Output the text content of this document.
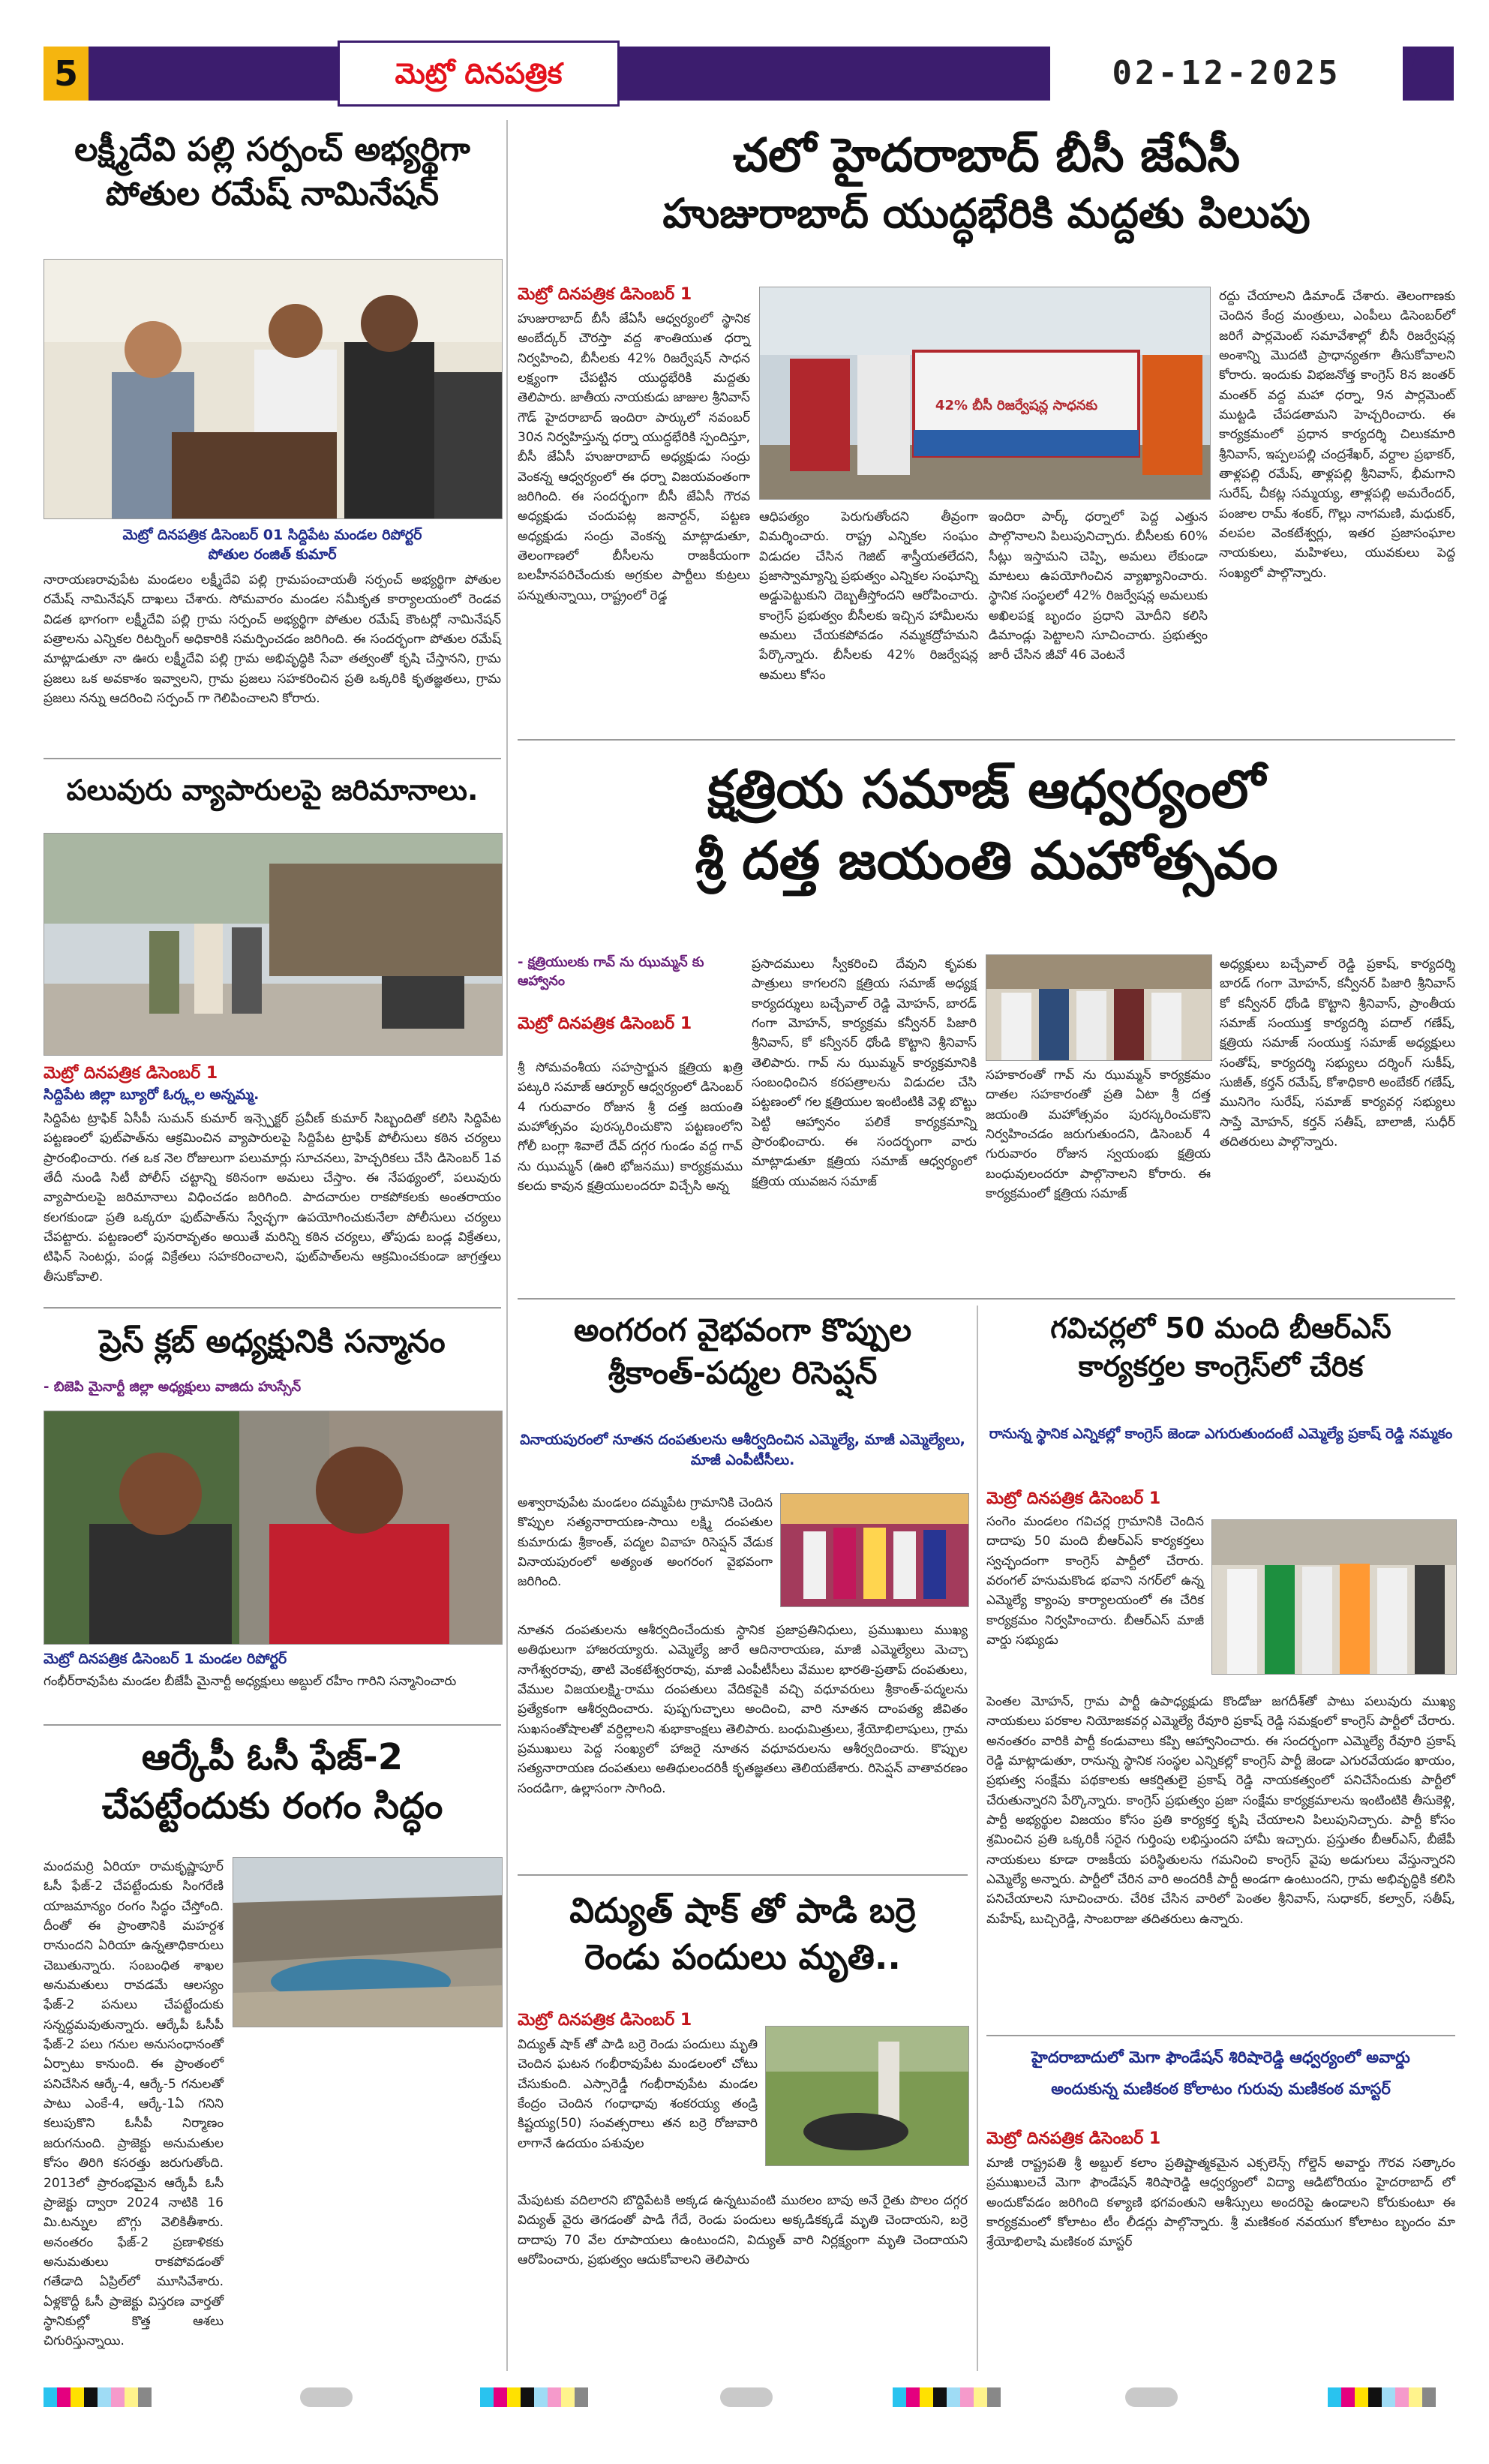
5	మెట్రో దినపత్రిక	02-12-2025
లక్ష్మీదేవి పల్లి సర్పంచ్ అభ్యర్థిగా
పోతుల రమేష్ నామినేషన్
మెట్రో దినపత్రిక డిసెంబర్ 01 సిద్దిపేట మండల రిపోర్టర్
పోతుల రంజిత్ కుమార్
నారాయణరావుపేట మండలం లక్ష్మీదేవి పల్లి గ్రామపంచాయతీ సర్పంచ్ అభ్యర్థిగా పోతుల రమేష్ నామినేషన్ దాఖలు చేశారు. సోమవారం మండల సమీకృత కార్యాలయంలో రెండవ విడత భాగంగా లక్ష్మీదేవి పల్లి గ్రామ సర్పంచ్ అభ్యర్థిగా పోతుల రమేష్ కౌంటర్లో నామినేషన్ పత్రాలను ఎన్నికల రిటర్నింగ్ అధికారికి సమర్పించడం జరిగింది. ఈ సందర్భంగా పోతుల రమేష్ మాట్లాడుతూ నా ఊరు లక్ష్మీదేవి పల్లి గ్రామ అభివృద్ధికి సేవా తత్వంతో కృషి చేస్తానని, గ్రామ ప్రజలు ఒక అవకాశం ఇవ్వాలని, గ్రామ ప్రజలు సహకరించిన ప్రతి ఒక్కరికి కృతజ్ఞతలు, గ్రామ ప్రజలు నన్ను ఆదరించి సర్పంచ్ గా గెలిపించాలని కోరారు.
పలువురు వ్యాపారులపై జరిమానాలు.
మెట్రో దినపత్రిక డిసెంబర్ 1
సిద్దిపేట జిల్లా బ్యూరో ఓర్క్లల అన్నమ్మ.
సిద్దిపేట ట్రాఫిక్ ఏసీపీ సుమన్ కుమార్ ఇన్స్పెక్టర్ ప్రవీణ్ కుమార్ సిబ్బందితో కలిసి సిద్దిపేట పట్టణంలో ఫుట్‌పాత్‌ను ఆక్రమించిన వ్యాపారులపై సిద్దిపేట ట్రాఫిక్ పోలీసులు కఠిన చర్యలు ప్రారంభించారు. గత ఒక నెల రోజులుగా పలుమార్లు సూచనలు, హెచ్చరికలు చేసి డిసెంబర్ 1వ తేదీ నుండి సిటీ పోలీస్ చట్టాన్ని కఠినంగా అమలు చేస్తాం. ఈ నేపథ్యంలో, పలువురు వ్యాపారులపై జరిమానాలు విధించడం జరిగింది. పాదచారుల రాకపోకలకు అంతరాయం కలగకుండా ప్రతి ఒక్కరూ ఫుట్‌పాత్‌ను స్వేచ్ఛగా ఉపయోగించుకునేలా పోలీసులు చర్యలు చేపట్టారు. పట్టణంలో పునరావృతం అయితే మరిన్ని కఠిన చర్యలు, తోపుడు బండ్ల విక్రేతలు, టిఫిన్ సెంటర్లు, పండ్ల విక్రేతలు సహకరించాలని, ఫుట్‌పాత్‌లను ఆక్రమించకుండా జాగ్రత్తలు తీసుకోవాలి.
ప్రెస్ క్లబ్ అధ్యక్షునికి సన్మానం
- బిజెపి మైనార్టీ జిల్లా అధ్యక్షులు వాజిదు హుస్సేన్
మెట్రో దినపత్రిక డిసెంబర్ 1 మండల రిపోర్టర్
గంభీర్‌రావుపేట మండల బీజేపీ మైనార్టీ అధ్యక్షులు అబ్దుల్ రహీం గారిని సన్మానించారు
ఆర్కేపీ ఓసీ ఫేజ్-2
చేపట్టేందుకు రంగం సిద్ధం
మందమర్రి ఏరియా రామకృష్ణాపూర్ ఓసీ ఫేజ్-2 చేపట్టేందుకు సింగరేణి యాజమాన్యం రంగం సిద్ధం చేస్తోంది. దీంతో ఈ ప్రాంతానికి మహర్దశ రానుందని ఏరియా ఉన్నతాధికారులు చెబుతున్నారు. సంబంధిత శాఖల అనుమతులు రావడమే ఆలస్యం ఫేజ్-2 పనులు చేపట్టేందుకు సన్నద్ధమవుతున్నారు. ఆర్కేపీ ఓసీపీ ఫేజ్-2 పలు గనుల అనుసంధానంతో ఏర్పాటు కానుంది. ఈ ప్రాంతంలో పనిచేసిన ఆర్కే-4, ఆర్కే-5 గనులతో పాటు ఎంకే-4, ఆర్కే-1ఏ గనిని కలుపుకొని ఓసీపీ నిర్మాణం జరుగనుంది. ప్రాజెక్టు అనుమతుల కోసం తిరిగి కసరత్తు జరుగుతోంది. 2013లో ప్రారంభమైన ఆర్కేపీ ఓసీ ప్రాజెక్టు ద్వారా 2024 నాటికి 16 మి.టన్నుల బొగ్గు వెలికితీశారు. అనంతరం ఫేజ్-2 ప్రణాళికకు అనుమతులు రాకపోవడంతో గతేడాది ఏప్రిల్‌లో మూసివేశారు. ఏళ్లకొద్దీ ఓసీ ప్రాజెక్టు విస్తరణ వార్తతో స్థానికుల్లో కొత్త ఆశలు చిగురిస్తున్నాయి.
చలో హైదరాబాద్ బీసీ జేఏసీ
హుజురాబాద్ యుద్ధభేరికి మద్దతు పిలుపు
మెట్రో దినపత్రిక డిసెంబర్ 1
హుజురాబాద్ బీసీ జేఏసీ ఆధ్వర్యంలో స్థానిక అంబేద్కర్ చౌరస్తా వద్ద శాంతియుత ధర్నా నిర్వహించి, బీసీలకు 42% రిజర్వేషన్ సాధన లక్ష్యంగా చేపట్టిన యుద్ధభేరికి మద్దతు తెలిపారు. జాతీయ నాయకుడు జాజుల శ్రీనివాస్ గౌడ్ హైదరాబాద్ ఇందిరా పార్కులో నవంబర్ 30న నిర్వహిస్తున్న ధర్నా యుద్ధభేరికి స్పందిస్తూ, బీసీ జేఏసీ హుజురాబాద్ అధ్యక్షుడు సంద్రు వెంకన్న ఆధ్వర్యంలో ఈ ధర్నా విజయవంతంగా జరిగింది. ఈ సందర్భంగా బీసీ జేఏసీ గౌరవ అధ్యక్షుడు చందుపట్ల జనార్దన్, పట్టణ అధ్యక్షుడు సంద్రు వెంకన్న మాట్లాడుతూ, తెలంగాణలో బీసీలను రాజకీయంగా బలహీనపరిచేందుకు అగ్రకుల పార్టీలు కుట్రలు పన్నుతున్నాయి, రాష్ట్రంలో రెడ్డ
42% బీసీ రిజర్వేషన్ల సాధనకు
ఆధిపత్యం పెరుగుతోందని తీవ్రంగా విమర్శించారు. రాష్ట్ర ఎన్నికల సంఘం విడుదల చేసిన గెజిట్ శాస్త్రీయతలేదని, ప్రజాస్వామ్యాన్ని ప్రభుత్వం ఎన్నికల సంఘాన్ని అడ్డుపెట్టుకుని దెబ్బతీస్తోందని ఆరోపించారు. కాంగ్రెస్ ప్రభుత్వం బీసీలకు ఇచ్చిన హామీలను అమలు చేయకపోవడం నమ్మకద్రోహమని పేర్కొన్నారు. బీసీలకు 42% రిజర్వేషన్ల అమలు కోసం
ఇందిరా పార్క్ ధర్నాలో పెద్ద ఎత్తున పాల్గొనాలని పిలుపునిచ్చారు. బీసీలకు 60% సీట్లు ఇస్తామని చెప్పి, అమలు లేకుండా మాటలు ఉపయోగించిన వ్యాఖ్యానించారు. స్థానిక సంస్థలలో 42% రిజర్వేషన్ల అమలుకు అఖిలపక్ష బృందం ప్రధాని మోదీని కలిసి డిమాండ్లు పెట్టాలని సూచించారు. ప్రభుత్వం జారీ చేసిన జీవో 46 వెంటనే
రద్దు చేయాలని డిమాండ్ చేశారు. తెలంగాణకు చెందిన కేంద్ర మంత్రులు, ఎంపీలు డిసెంబర్‌లో జరిగే పార్లమెంట్ సమావేశాల్లో బీసీ రిజర్వేషన్ల అంశాన్ని మొదటి ప్రాధాన్యతగా తీసుకోవాలని కోరారు. ఇందుకు విభజనోత్త కాంగ్రెస్ 8న జంతర్ మంతర్ వద్ద మహా ధర్నా, 9న పార్లమెంట్ ముట్టడి చేపడతామని హెచ్చరించారు. ఈ కార్యక్రమంలో ప్రధాన కార్యదర్శి చిలుకమారి శ్రీనివాస్, ఇప్పలపల్లి చంద్రశేఖర్, వర్దాల ప్రభాకర్, తాళ్లపల్లి రమేష్, తాళ్లపల్లి శ్రీనివాస్, భీమగాని సురేష్, చీకట్ల సమ్మయ్య, తాళ్లపల్లి అమరేందర్, పంజాల రామ్ శంకర్, గొల్లు నాగమణి, మధుకర్, వలపల వెంకటేశ్వర్లు, ఇతర ప్రజాసంఘాల నాయకులు, మహిళలు, యువకులు పెద్ద సంఖ్యలో పాల్గొన్నారు.
క్షత్రియ సమాజ్ ఆధ్వర్యంలో
శ్రీ దత్త జయంతి మహోత్సవం
- క్షత్రియులకు గావ్ ను ఝుమ్మన్ కు ఆహ్వానం
మెట్రో దినపత్రిక డిసెంబర్ 1
శ్రీ సోమవంశీయ సహస్రార్జున క్షత్రియ ఖత్రి పట్కరి సమాజ్ ఆర్యూర్ ఆధ్వర్యంలో డిసెంబర్ 4 గురువారం రోజున శ్రీ దత్త జయంతి మహోత్సవం పురస్కరించుకొని పట్టణంలోని గోలీ బంగ్లా శివాలే దేవ్ దగ్గర గుండం వద్ద గావ్ ను ఝుమ్మన్ (ఊరి భోజనము) కార్యక్రమము కలదు కావున క్షత్రియులందరూ విచ్చేసి అన్న
ప్రసాదములు స్వీకరించి దేవుని కృపకు పాత్రులు కాగలరని క్షత్రియ సమాజ్ అధ్యక్ష కార్యదర్శులు బచ్చేవాల్ రెడ్డి మోహన్, బారడ్ గంగా మోహన్, కార్యక్రమ కన్వీనర్ పిజారి శ్రీనివాస్, కో కన్వీనర్ ధోండి కొట్టాని శ్రీనివాస్ తెలిపారు. గావ్ ను ఝుమ్మన్ కార్యక్రమానికి సంబంధించిన కరపత్రాలను విడుదల చేసి పట్టణంలో గల క్షత్రియుల ఇంటింటికి వెళ్లి బొట్టు పెట్టి ఆహ్వానం పలికే కార్యక్రమాన్ని ప్రారంభించారు. ఈ సందర్భంగా వారు మాట్లాడుతూ క్షత్రియ సమాజ్ ఆధ్వర్యంలో క్షత్రియ యువజన సమాజ్
సహకారంతో గావ్ ను ఝుమ్మన్ కార్యక్రమం దాతల సహకారంతో ప్రతి ఏటా శ్రీ దత్త జయంతి మహోత్సవం పురస్కరించుకొని నిర్వహించడం జరుగుతుందని, డిసెంబర్ 4 గురువారం రోజున స్వయంభు క్షత్రియ బంధువులందరూ పాల్గొనాలని కోరారు. ఈ కార్యక్రమంలో క్షత్రియ సమాజ్
అధ్యక్షులు బచ్చేవాల్ రెడ్డి ప్రకాష్, కార్యదర్శి బారడ్ గంగా మోహన్, కన్వీనర్ పిజారి శ్రీనివాస్ కో కన్వీనర్ ధోండి కొట్టాని శ్రీనివాస్, ప్రాంతీయ సమాజ్ సంయుక్త కార్యదర్శి పదాల్ గణేష్, క్షత్రియ సమాజ్ సంయుక్త సమాజ్ అధ్యక్షులు సంతోష్, కార్యదర్శి సభ్యులు దర్శింగ్ సుకీష్, సుజీత్, కర్తన్ రమేష్, కోశాధికారి అంబేకర్ గణేష్, మునిగెం సురేష్, సమాజ్ కార్యవర్గ సభ్యులు సాప్తే మోహన్, కర్తన్ సతీష్, బాలాజీ, సుధీర్ తదితరులు పాల్గొన్నారు.
అంగరంగ వైభవంగా కొప్పుల
శ్రీకాంత్-పద్మల రిసెప్షన్
వినాయపురంలో నూతన దంపతులను ఆశీర్వదించిన ఎమ్మెల్యే, మాజీ ఎమ్మెల్యేలు, మాజీ ఎంపీటీసీలు.
అశ్వారావుపేట మండలం దమ్మపేట గ్రామానికి చెందిన కొప్పుల సత్యనారాయణ-సాయి లక్ష్మి దంపతుల కుమారుడు శ్రీకాంత్, పద్మల వివాహ రిసెప్షన్ వేడుక వినాయపురంలో అత్యంత అంగరంగ వైభవంగా జరిగింది.
నూతన దంపతులను ఆశీర్వదించేందుకు స్థానిక ప్రజాప్రతినిధులు, ప్రముఖులు ముఖ్య అతిథులుగా హాజరయ్యారు. ఎమ్మెల్యే జారే ఆదినారాయణ, మాజీ ఎమ్మెల్యేలు మెచ్చా నాగేశ్వరరావు, తాటి వెంకటేశ్వరరావు, మాజీ ఎంపీటీసీలు వేముల భారతి-ప్రతాప్ దంపతులు, వేముల విజయలక్ష్మి-రాము దంపతులు వేదికపైకి వచ్చి వధూవరులు శ్రీకాంత్-పద్మలను ప్రత్యేకంగా ఆశీర్వదించారు. పుష్పగుచ్ఛాలు అందించి, వారి నూతన దాంపత్య జీవితం సుఖసంతోషాలతో వర్ధిల్లాలని శుభాకాంక్షలు తెలిపారు. బంధుమిత్రులు, శ్రేయోభిలాషులు, గ్రామ ప్రముఖులు పెద్ద సంఖ్యలో హాజరై నూతన వధూవరులను ఆశీర్వదించారు. కొప్పుల సత్యనారాయణ దంపతులు అతిథులందరికీ కృతజ్ఞతలు తెలియజేశారు. రిసెప్షన్ వాతావరణం సందడిగా, ఉల్లాసంగా సాగింది.
విద్యుత్ షాక్ తో పాడి బర్రె
రెండు పందులు మృతి..
మెట్రో దినపత్రిక డిసెంబర్ 1
విద్యుత్ షాక్ తో పాడి బర్రె రెండు పందులు మృతి చెందిన ఘటన గంభీరావుపేట మండలంలో చోటు చేసుకుంది. ఎస్సారెడ్డీ గంభీరావుపేట మండల కేంద్రం చెందిన గంధాధావు శంకరయ్య తండ్రి కిష్టయ్య(50) సంవత్సరాలు తన బర్రె రోజువారి లాగానే ఉదయం పశువుల
మేపుటకు వదిలారని బొద్దిపేటకి అక్కడ ఉన్నటువంటి ముఠలం బావు అనే రైతు పొలం దగ్గర విద్యుత్ వైరు తెగడంతో పాడి గేదే, రెండు పందులు అక్కడికక్కడే మృతి చెందాయని, బర్రె దాదాపు 70 వేల రూపాయలు ఉంటుందని, విద్యుత్ వారి నిర్లక్ష్యంగా మృతి చెందాయని ఆరోపించారు, ప్రభుత్వం ఆదుకోవాలని తెలిపారు
గవిచర్లలో 50 మంది బీఆర్ఎస్
కార్యకర్తల కాంగ్రెస్‌లో చేరిక
రానున్న స్థానిక ఎన్నికల్లో కాంగ్రెస్ జెండా ఎగురుతుందంటే ఎమ్మెల్యే ప్రకాష్ రెడ్డి నమ్మకం
మెట్రో దినపత్రిక డిసెంబర్ 1
సంగెం మండలం గవిచర్ల గ్రామానికి చెందిన దాదాపు 50 మంది బీఆర్ఎస్ కార్యకర్తలు స్వచ్ఛందంగా కాంగ్రెస్ పార్టీలో చేరారు. వరంగల్ హనుమకొండ భవాని నగర్‌లో ఉన్న ఎమ్మెల్యే క్యాంపు కార్యాలయంలో ఈ చేరిక కార్యక్రమం నిర్వహించారు. బీఆర్ఎస్ మాజీ వార్డు సభ్యుడు
పెంతల మోహన్, గ్రామ పార్టీ ఉపాధ్యక్షుడు కొండోజు జగదీశ్‌తో పాటు పలువురు ముఖ్య నాయకులు పరకాల నియోజకవర్గ ఎమ్మెల్యే రేవూరి ప్రకాష్ రెడ్డి సమక్షంలో కాంగ్రెస్ పార్టీలో చేరారు. అనంతరం వారికి పార్టీ కండువాలు కప్పి ఆహ్వానించారు. ఈ సందర్భంగా ఎమ్మెల్యే రేవూరి ప్రకాష్ రెడ్డి మాట్లాడుతూ, రానున్న స్థానిక సంస్థల ఎన్నికల్లో కాంగ్రెస్ పార్టీ జెండా ఎగురవేయడం ఖాయం, ప్రభుత్వ సంక్షేమ పథకాలకు ఆకర్షితులై ప్రకాష్ రెడ్డి నాయకత్వంలో పనిచేసేందుకు పార్టీలో చేరుతున్నారని పేర్కొన్నారు. కాంగ్రెస్ ప్రభుత్వం ప్రజా సంక్షేమ కార్యక్రమాలను ఇంటింటికి తీసుకెళ్లి, పార్టీ అభ్యర్థుల విజయం కోసం ప్రతి కార్యకర్త కృషి చేయాలని పిలుపునిచ్చారు. పార్టీ కోసం శ్రమించిన ప్రతి ఒక్కరికీ సరైన గుర్తింపు లభిస్తుందని హామీ ఇచ్చారు. ప్రస్తుతం బీఆర్ఎస్, బీజేపీ నాయకులు కూడా రాజకీయ పరిస్థితులను గమనించి కాంగ్రెస్ వైపు అడుగులు వేస్తున్నారని ఎమ్మెల్యే అన్నారు. పార్టీలో చేరిన వారి అందరికీ పార్టీ అండగా ఉంటుందని, గ్రామ అభివృద్ధికి కలిసి పనిచేయాలని సూచించారు. చేరిక చేసిన వారిలో పెంతల శ్రీనివాస్, సుధాకర్, కల్వార్, సతీష్, మహేష్, బుచ్చిరెడ్డి, సాంబరాజు తదితరులు ఉన్నారు.
హైదరాబాదులో మెగా ఫౌండేషన్ శిరిషారెడ్డి ఆధ్వర్యంలో అవార్డు
అందుకున్న మణికంఠ కోలాటం గురువు మణికంఠ మాస్టర్
మెట్రో దినపత్రిక డిసెంబర్ 1
మాజీ రాష్ట్రపతి శ్రీ అబ్దుల్ కలాం ప్రతిష్టాత్మకమైన ఎక్సలెన్స్ గోల్డెన్ అవార్డు గౌరవ సత్కారం ప్రముఖులచే మెగా ఫౌండేషన్ శిరిషారెడ్డి ఆధ్వర్యంలో విద్యా ఆడిటోరియం హైదరాబాద్ లో అందుకోవడం జరిగింది కళ్యాణి భగవంతుని ఆశీస్సులు అందరిపై ఉండాలని కోరుకుంటూ ఈ కార్యక్రమంలో కోలాటం టీం లీడర్లు పాల్గొన్నారు. శ్రీ మణికంఠ నవయుగ కోలాటం బృందం మా శ్రేయోభిలాషి మణికంఠ మాస్టర్
